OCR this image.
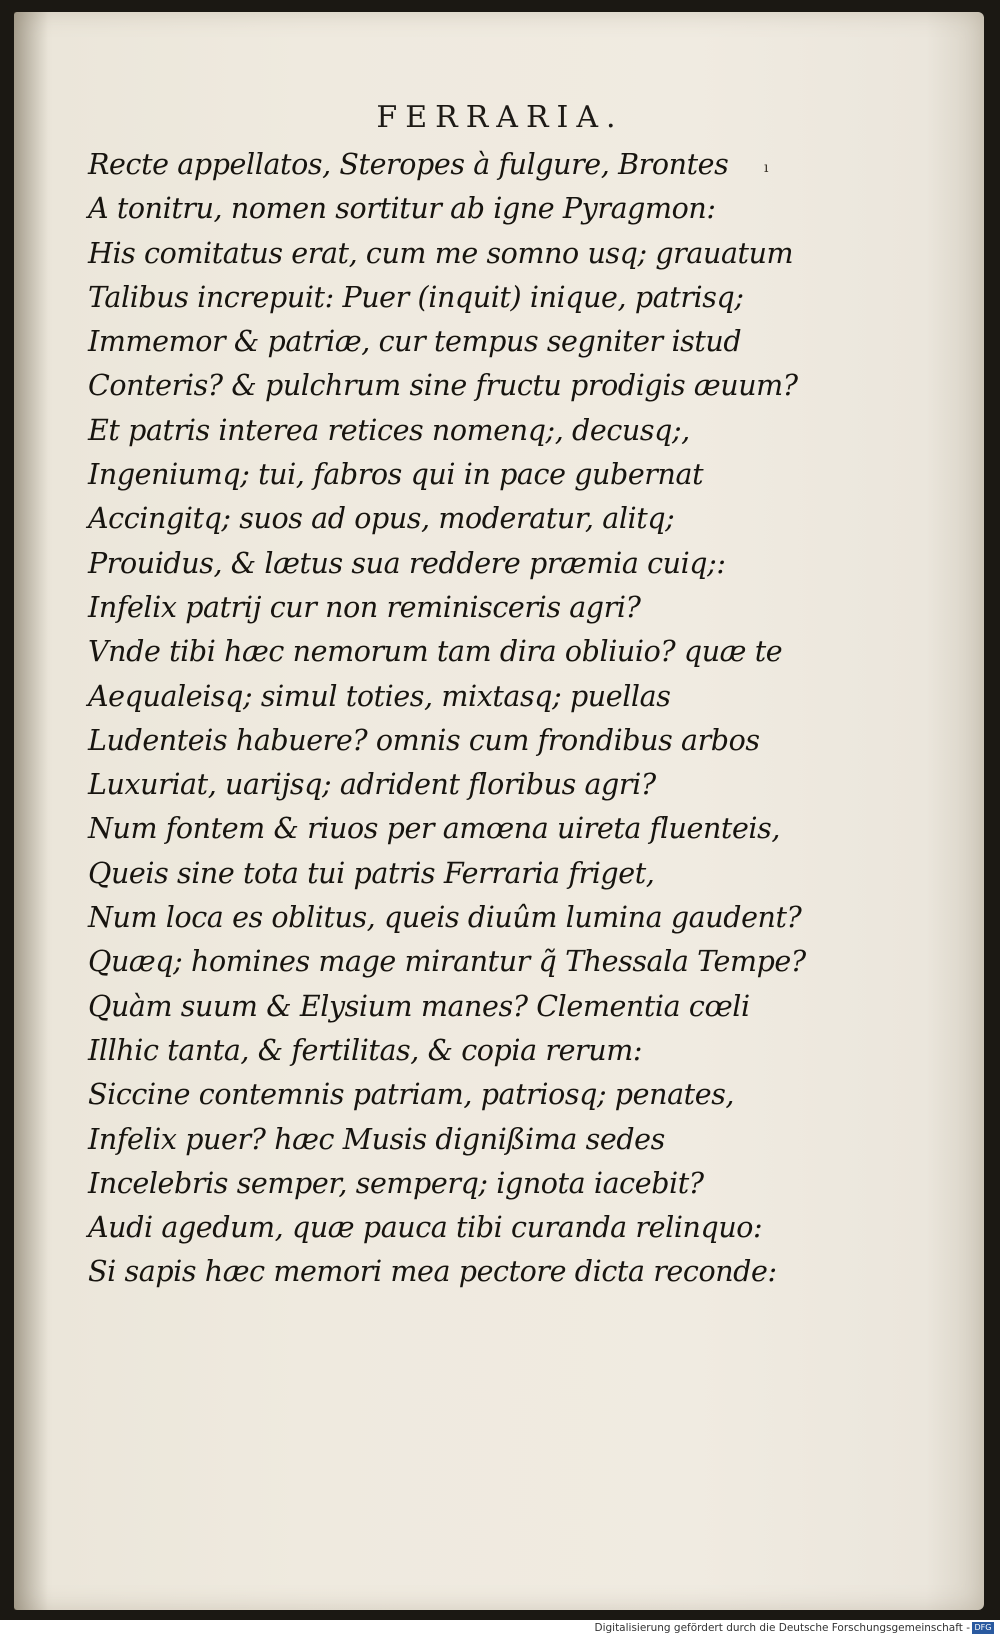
FERRARIA.
ı
Recte appellatos, Steropes à fulgure, Brontes
A tonitru, nomen sortitur ab igne Pyragmon:
His comitatus erat, cum me somno usq; grauatum
Talibus increpuit: Puer (inquit) inique, patrisq;
Immemor & patriæ, cur tempus segniter istud
Conteris? & pulchrum sine fructu prodigis æuum?
Et patris interea retices nomenq;, decusq;,
Ingeniumq; tui, fabros qui in pace gubernat
Accingitq; suos ad opus, moderatur, alitq;
Prouidus, & lætus sua reddere præmia cuiq;:
Infelix patrij cur non reminisceris agri?
Vnde tibi hæc nemorum tam dira obliuio? quæ te
Aequaleisq; simul toties, mixtasq; puellas
Ludenteis habuere? omnis cum frondibus arbos
Luxuriat, uarijsq; adrident floribus agri?
Num fontem & riuos per amœna uireta fluenteis,
Queis sine tota tui patris Ferraria friget,
Num loca es oblitus, queis diuûm lumina gaudent?
Quæq; homines mage mirantur q̃ Thessala Tempe?
Quàm suum & Elysium manes? Clementia cœli
Illhic tanta, & fertilitas, & copia rerum:
Siccine contemnis patriam, patriosq; penates,
Infelix puer? hæc Musis dignißima sedes
Incelebris semper, semperq; ignota iacebit?
Audi agedum, quæ pauca tibi curanda relinquo:
Si sapis hæc memori mea pectore dicta reconde:
Digitalisierung gefördert durch die Deutsche Forschungsgemeinschaft - DFG
